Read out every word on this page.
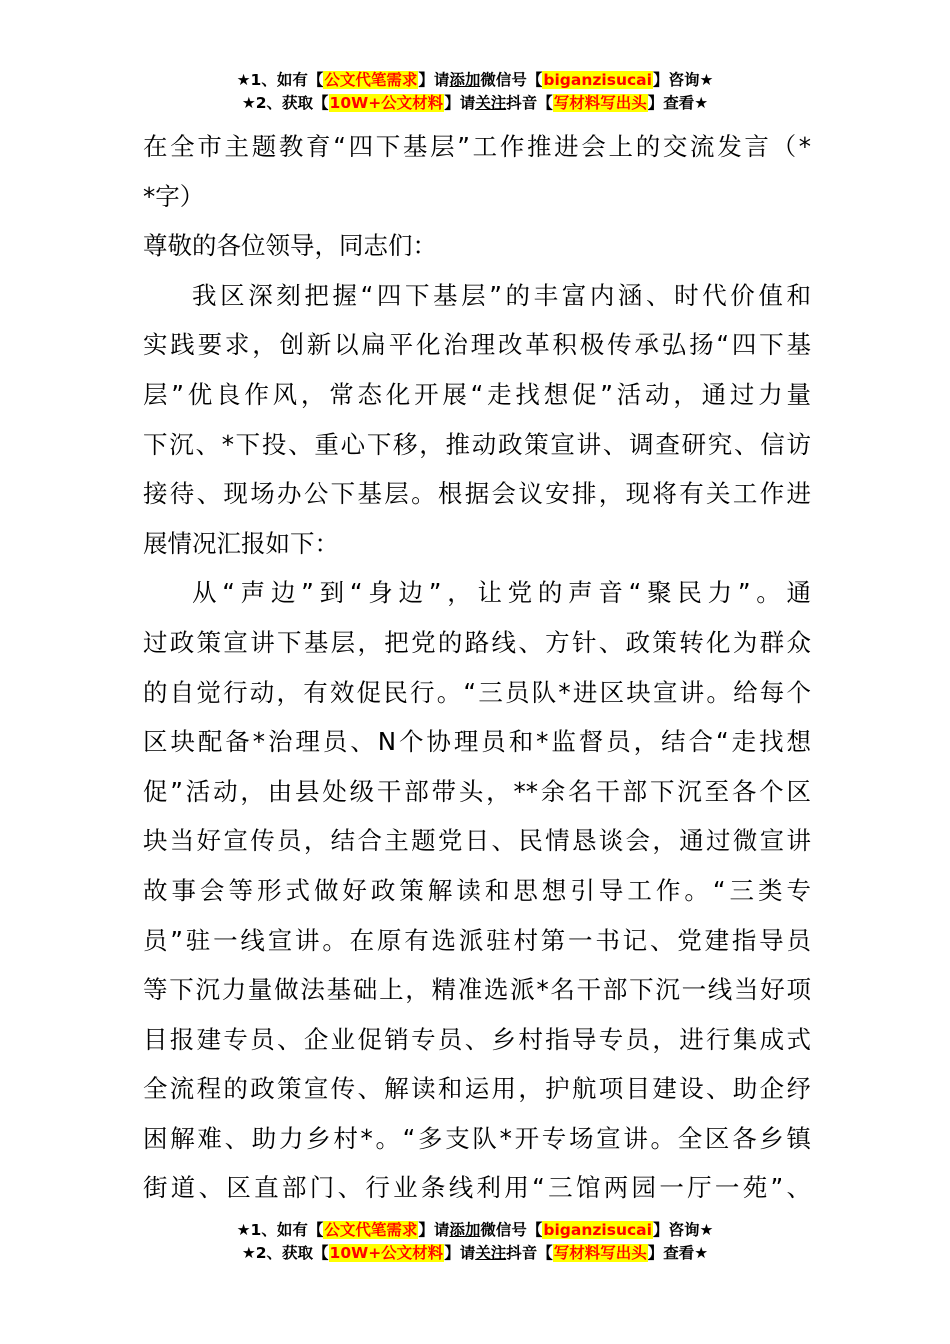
★1、如有【公文代笔需求】请添加微信号【biganzisucai】咨询★
★2、获取【10W+公文材料】请关注抖音【写材料写出头】查看★
在全市主题教育“四下基层”工作推进会上的交流发言（*
*字）
尊敬的各位领导，同志们：
我区深刻把握“四下基层”的丰富内涵、时代价值和
实践要求，创新以扁平化治理改革积极传承弘扬“四下基
层”优良作风，常态化开展“走找想促”活动，通过力量
下沉、*下投、重心下移，推动政策宣讲、调查研究、信访
接待、现场办公下基层。根据会议安排，现将有关工作进
展情况汇报如下：
从“声边”到“身边”，让党的声音“聚民力”。通
过政策宣讲下基层，把党的路线、方针、政策转化为群众
的自觉行动，有效促民行。“三员队*进区块宣讲。给每个
区块配备*治理员、N个协理员和*监督员，结合“走找想
促”活动，由县处级干部带头，**余名干部下沉至各个区
块当好宣传员，结合主题党日、民情恳谈会，通过微宣讲
故事会等形式做好政策解读和思想引导工作。“三类专
员”驻一线宣讲。在原有选派驻村第一书记、党建指导员
等下沉力量做法基础上，精准选派*名干部下沉一线当好项
目报建专员、企业促销专员、乡村指导专员，进行集成式
全流程的政策宣传、解读和运用，护航项目建设、助企纾
困解难、助力乡村*。“多支队*开专场宣讲。全区各乡镇
街道、区直部门、行业条线利用“三馆两园一厅一苑”、
★1、如有【公文代笔需求】请添加微信号【biganzisucai】咨询★
★2、获取【10W+公文材料】请关注抖音【写材料写出头】查看★
